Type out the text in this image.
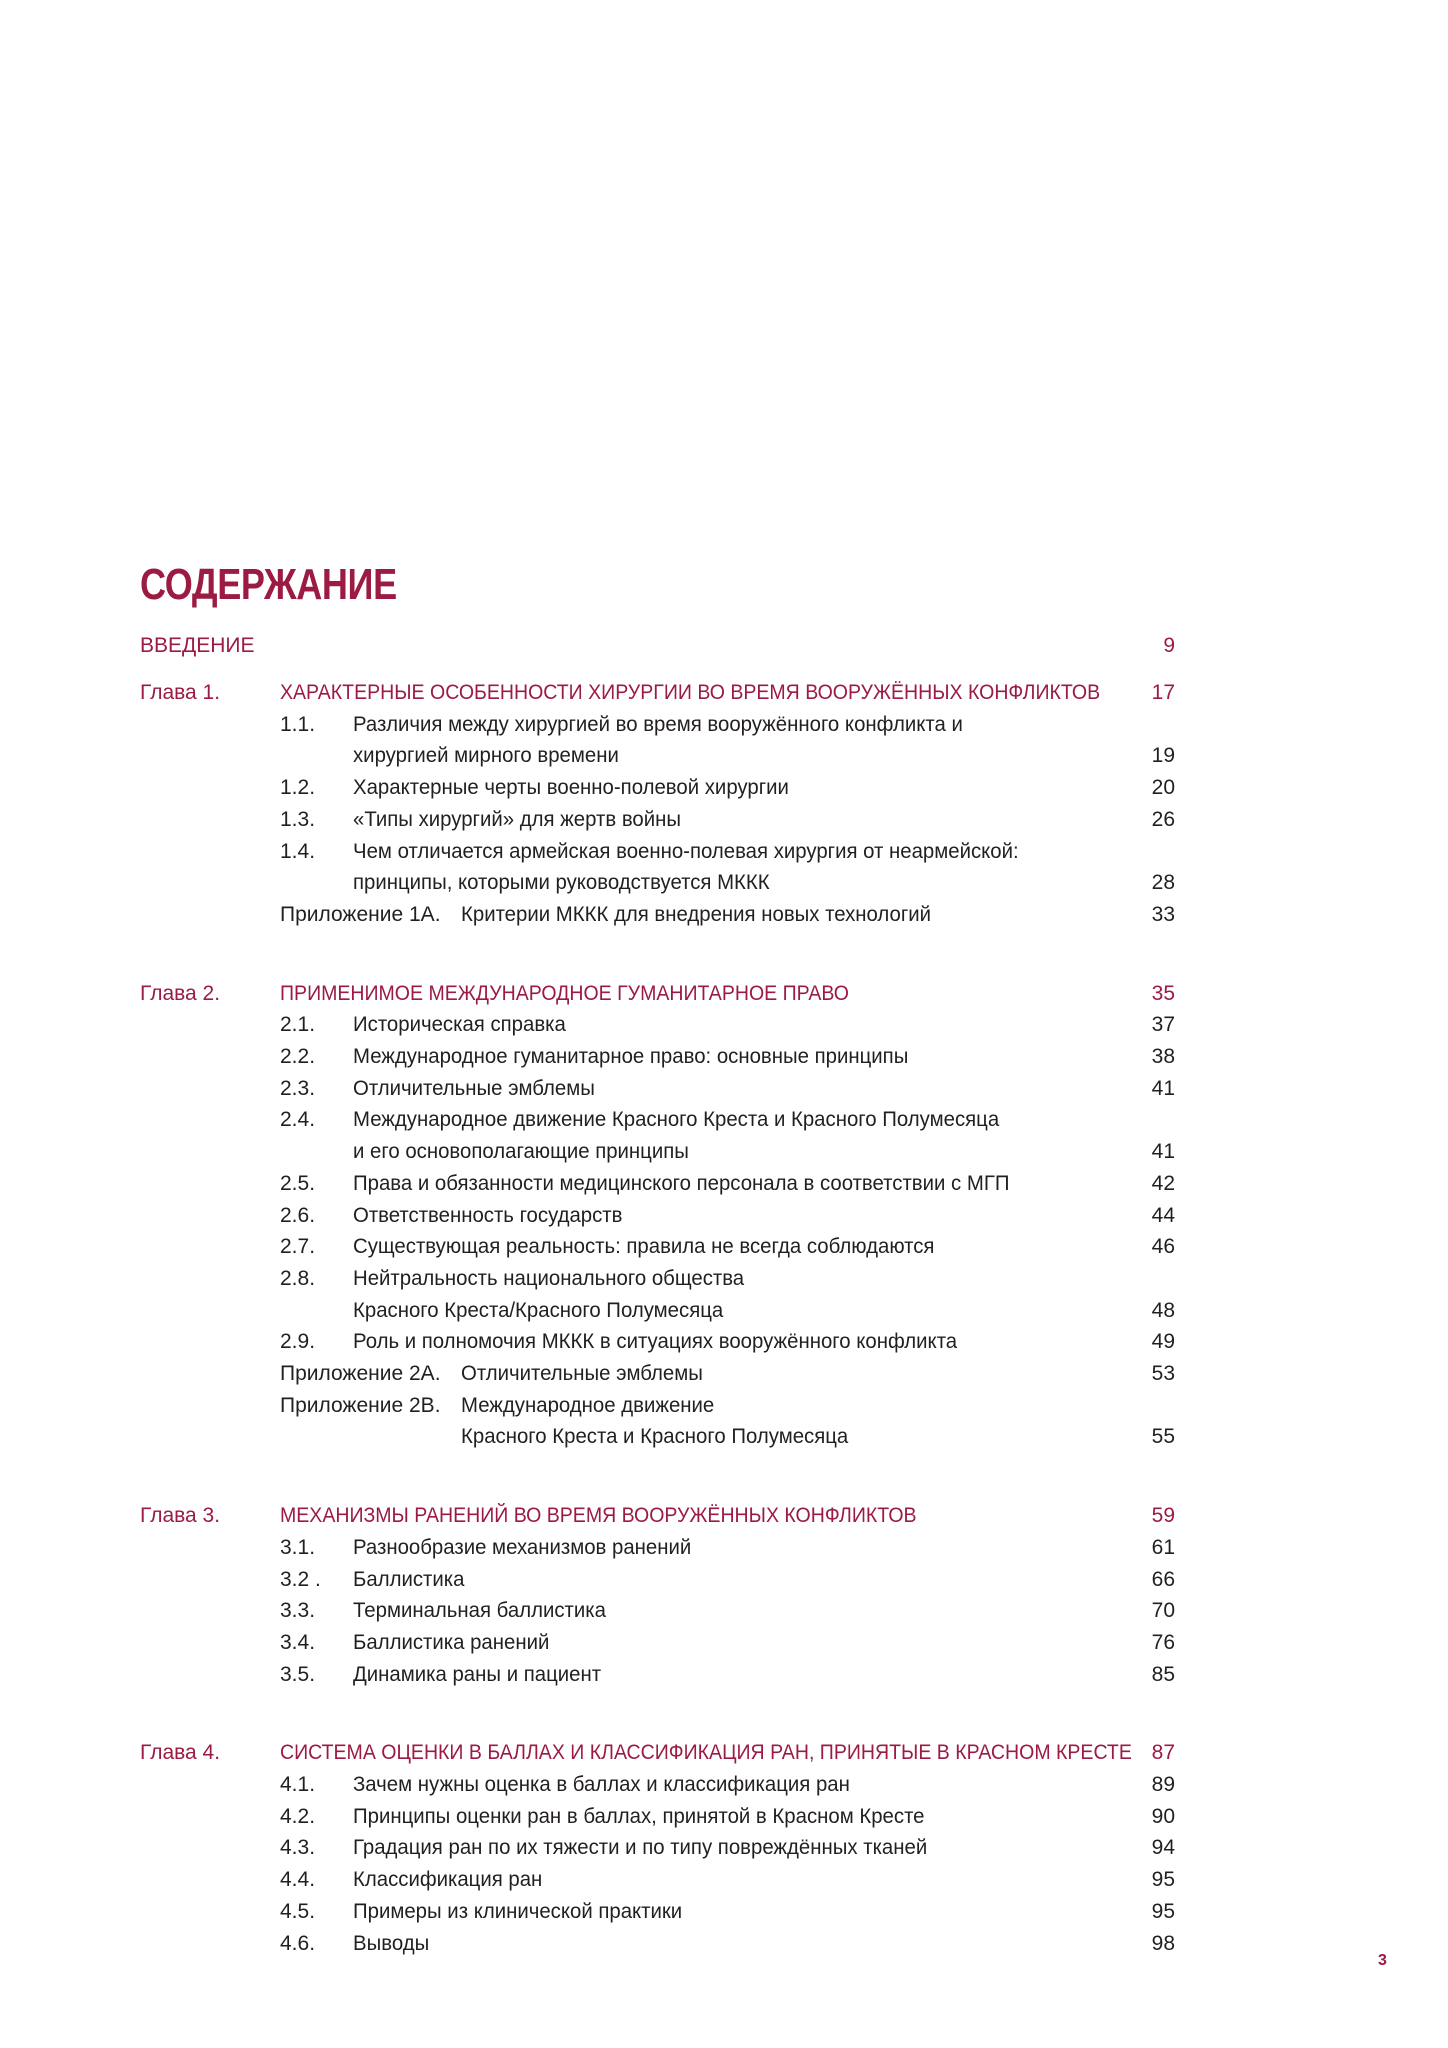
СОДЕРЖАНИЕ
ВВЕДЕНИЕ	9
Глава 1.	ХАРАКТЕРНЫЕ ОСОБЕННОСТИ ХИРУРГИИ ВО ВРЕМЯ ВООРУЖЁННЫХ КОНФЛИКТОВ 17
1.1. Различия между хирургией во время вооружённого конфликта и
хирургией мирного времени	19
1.2. Характерные черты военно-полевой хирургии	20
1.3. «Типы хирургий» для жертв войны	26
1.4. Чем отличается армейская военно-полевая хирургия от неармейской:
принципы, которыми руководствуется МККК	28
Приложение 1А. Критерии МККК для внедрения новых технологий	33
Глава 2.	ПРИМЕНИМОЕ МЕЖДУНАРОДНОЕ ГУМАНИТАРНОЕ ПРАВО	35
2.1. Историческая справка	37
2.2. Международное гуманитарное право: основные принципы	38
2.3. Отличительные эмблемы	41
2.4. Международное движение Красного Креста и Красного Полумесяца
и его основополагающие принципы	41
2.5. Права и обязанности медицинского персонала в соответствии с МГП	42
2.6. Ответственность государств	44
2.7. Существующая реальность: правила не всегда соблюдаются	46
2.8. Нейтральность национального общества
Красного Креста/Красного Полумесяца	48
2.9. Роль и полномочия МККК в ситуациях вооружённого конфликта	49
Приложение 2А. Отличительные эмблемы	53
Приложение 2В. Международное движение
Красного Креста и Красного Полумесяца	55
Глава 3.	МЕХАНИЗМЫ РАНЕНИЙ ВО ВРЕМЯ ВООРУЖЁННЫХ КОНФЛИКТОВ	59
3.1. Разнообразие механизмов ранений	61
3.2 . Баллистика	66
3.3. Терминальная баллистика	70
3.4. Баллистика ранений	76
3.5. Динамика раны и пациент	85
Глава 4.	СИСТЕМА ОЦЕНКИ В БАЛЛАХ И КЛАССИФИКАЦИЯ РАН, ПРИНЯТЫЕ В КРАСНОМ КРЕСТЕ 87
4.1. Зачем нужны оценка в баллах и классификация ран	89
4.2. Принципы оценки ран в баллах, принятой в Красном Кресте	90
4.3. Градация ран по их тяжести и по типу повреждённых тканей	94
4.4. Классификация ран	95
4.5. Примеры из клинической практики	95
4.6. Выводы	98
3
